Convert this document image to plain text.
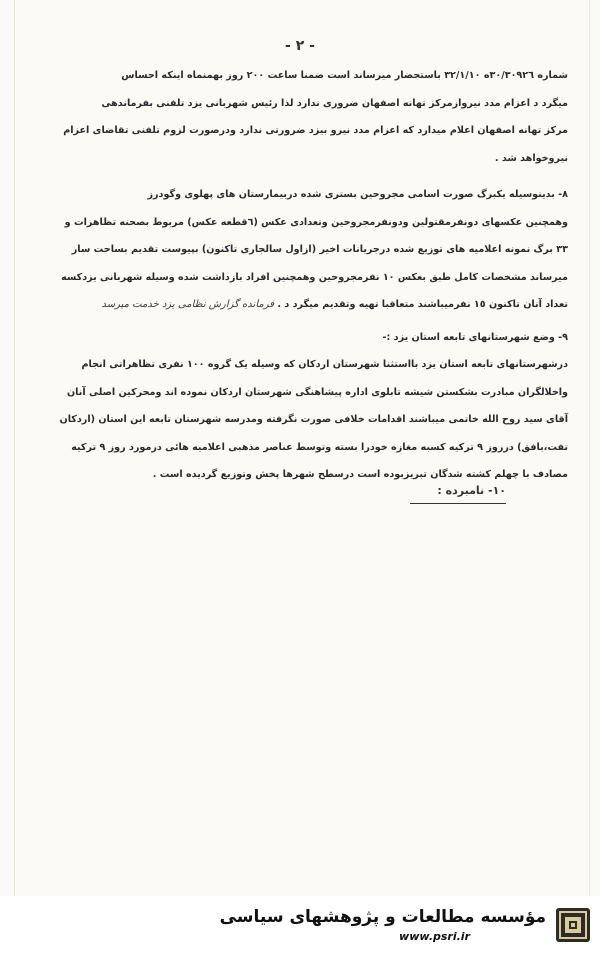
- ٢ -

شماره ٣٠/٣٠٩٢٦ه ٣٢/١/١٠ باستحضار میرساند است ضمنا ساعت ٢٠٠ روز بهمنماه اینکه احساس

میگرد د اعزام مدد نیروازمرکز تهانه اصفهان ضروری ندارد لذا رئیس شهربانی یزد تلفنی بفرماندهی

مرکز تهانه اصفهان اعلام میدارد که اعزام مدد نیرو بیزد ضرورتی ندارد ودرصورت لزوم تلفنی تقاضای اعزام

نیروخواهد شد .

٨- بدینوسیله یکبرگ صورت اسامی مجروحین بستری شده دربیمارستان های پهلوی وگودرز

وهمچنین عکسهای دونفرمقتولین ودونفرمجروحین وتعدادی عکس (٦قطعه عکس) مربوط بصحنه تظاهرات و

٣٣ برگ نمونه اعلامیه های توزیع شده درجریانات اخیر (ازاول سالجاری تاکنون) بپیوست تقدیم بساحت سار

میرساند مشخصات کامل طبق بعکس ١٠ نفرمجروحین وهمچنین افراد بازداشت شده وسیله شهربانی یزدکسه

تعداد آنان تاکنون ١٥ نفرمیباشند متعاقبا تهیه وتقدیم میگرد د . فرمانده گزارش نظامی یزد خدمت میرسد

٩- وضع شهرستانهای تابعه استان یزد :-

درشهرستانهای تابعه استان یزد بااستثنا شهرستان اردکان که وسیله یک گروه ١٠٠ نفری تظاهراتی انجام

واخلالگران مبادرت بشکستن شیشه تابلوی اداره پیشاهنگی شهرستان اردکان نموده اند ومحرکین اصلی آنان

آقای سید روح الله خاتمی میباشند اقدامات خلافی صورت نگرفته ومدرسه شهرستان تابعه این استان (اردکان

تفت،بافق) درروز ٩ ترکیه کسبه مغازه خودرا بسته وتوسط عناصر مذهبی اعلامیه هائی درمورد روز ٩ ترکیه

مصادف با چهلم کشته شدگان تبریزبوده است درسطح شهرها پخش وتوزیع گردیده است .

١٠- نامبرده :
مؤسسه مطالعات و پژوهشهای سیاسی
www.psri.ir
